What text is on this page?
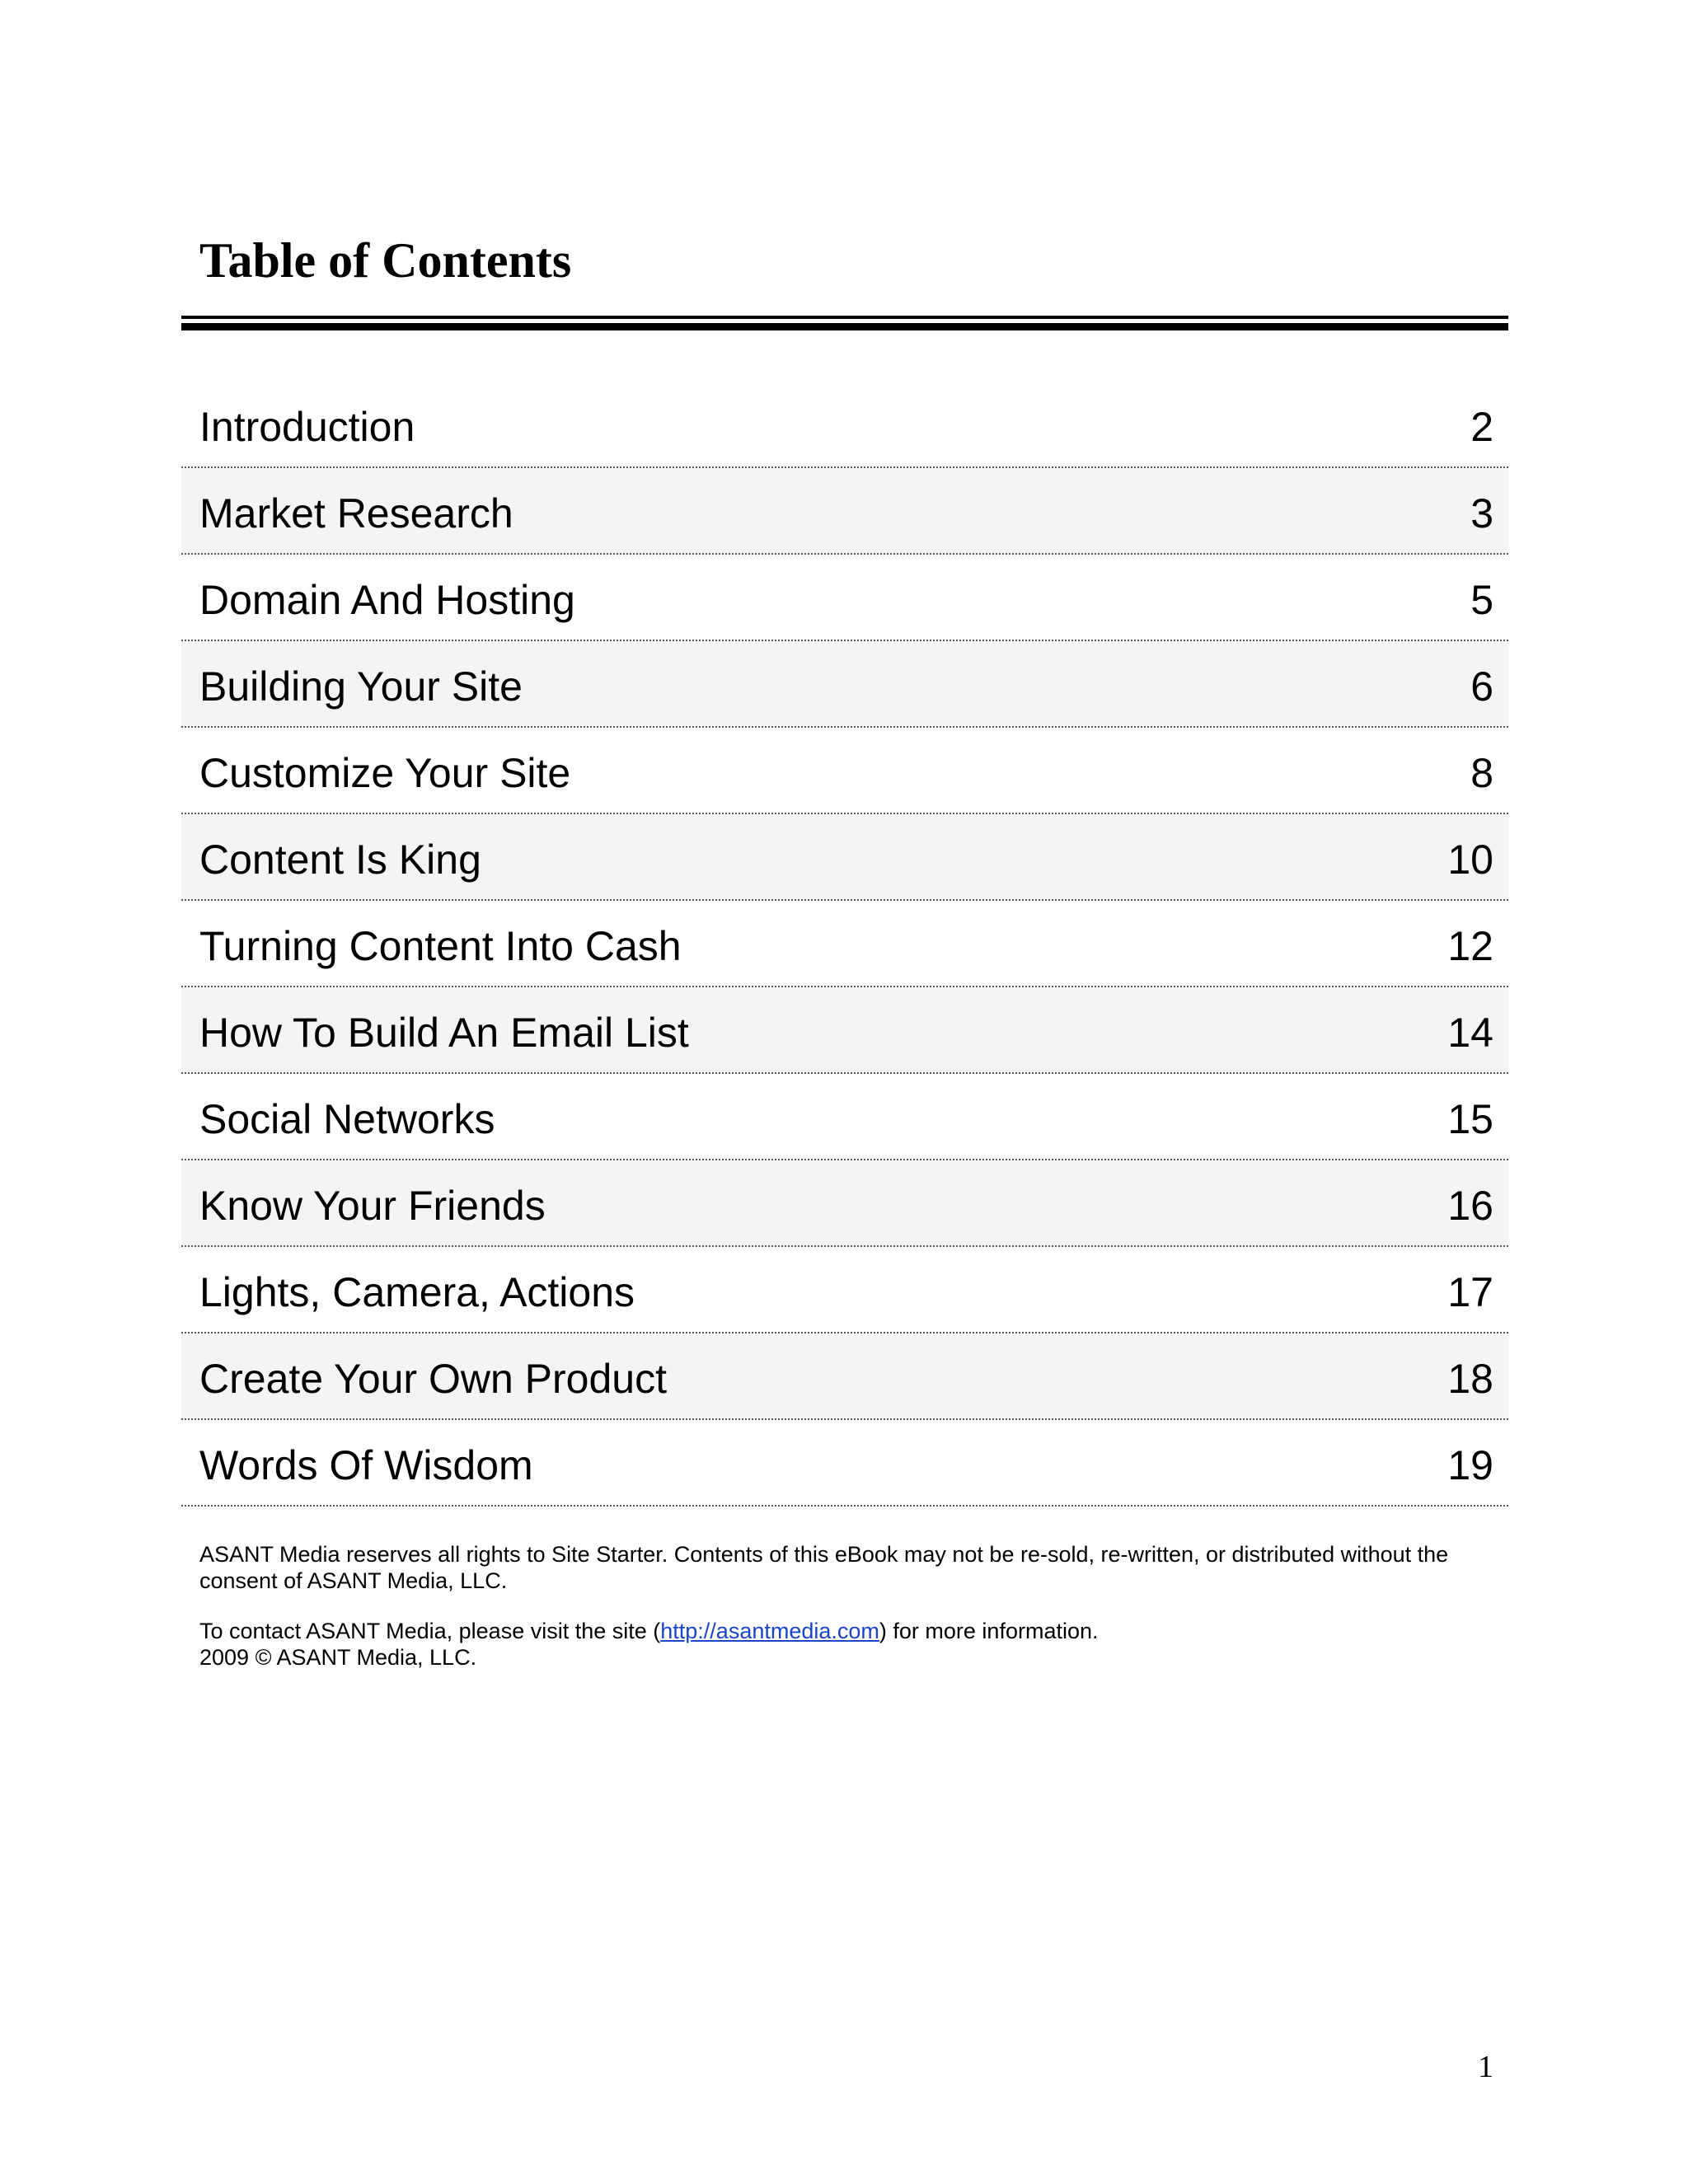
Table of Contents
Introduction	2
Market Research	3
Domain And Hosting	5
Building Your Site	6
Customize Your Site	8
Content Is King	10
Turning Content Into Cash	12
How To Build An Email List	14
Social Networks	15
Know Your Friends	16
Lights, Camera, Actions	17
Create Your Own Product	18
Words Of Wisdom	19

ASANT Media reserves all rights to Site Starter. Contents of this eBook may not be re-sold, re-written, or distributed without the consent of ASANT Media, LLC.

To contact ASANT Media, please visit the site (http://asantmedia.com) for more information.
2009 © ASANT Media, LLC.

1
